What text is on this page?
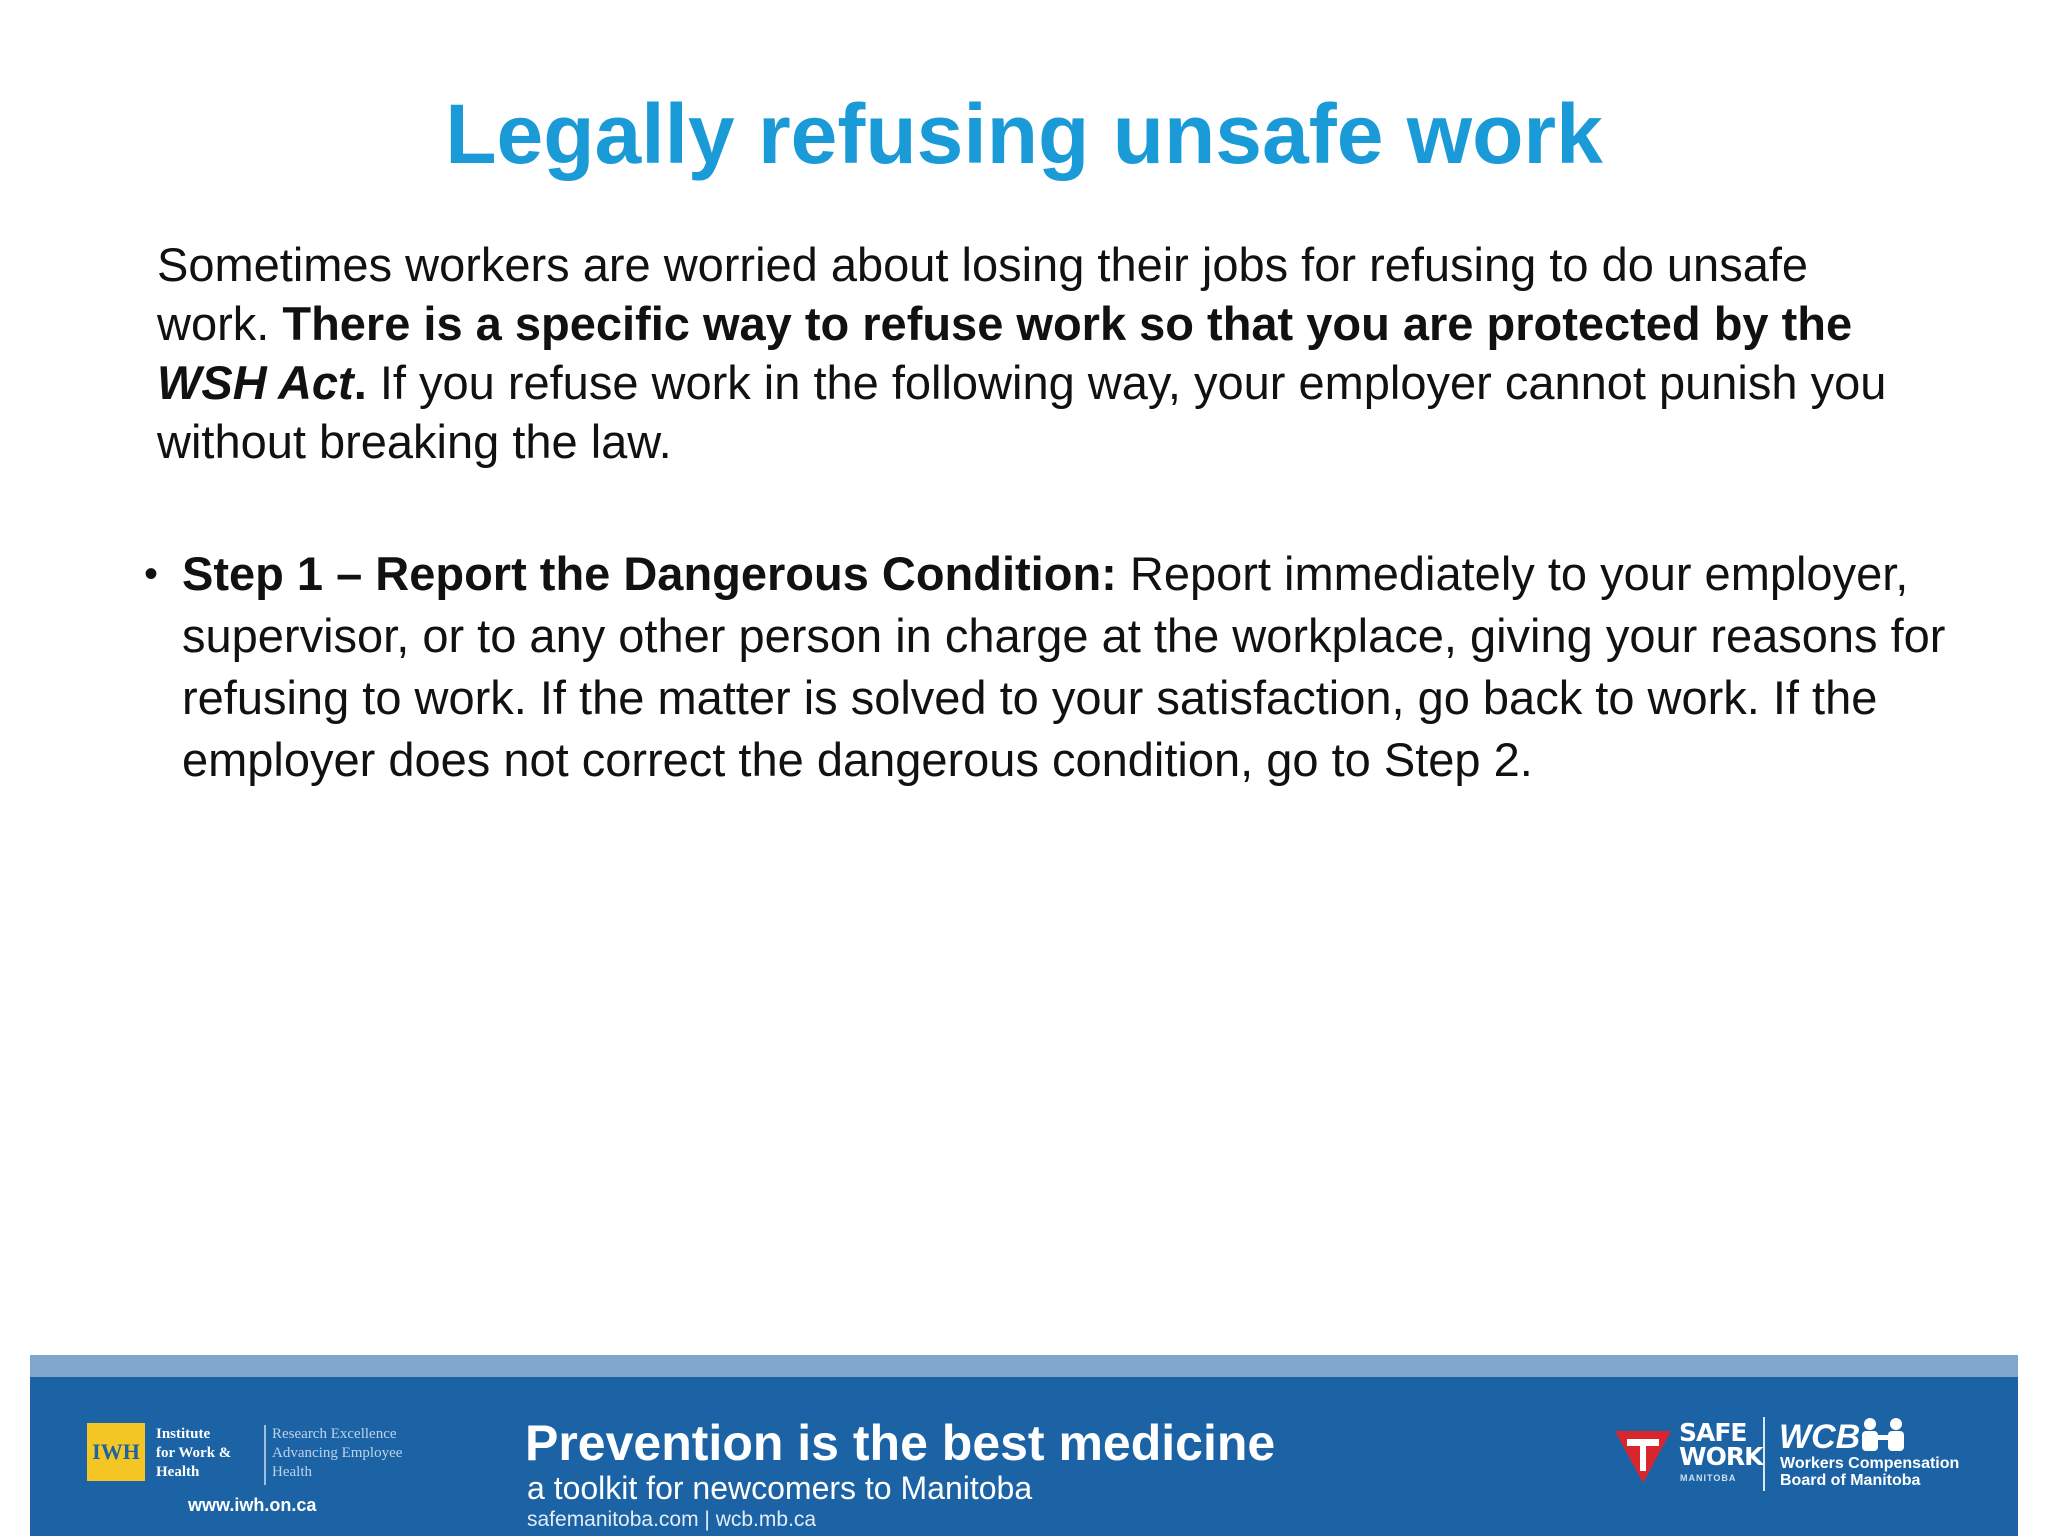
Legally refusing unsafe work

Sometimes workers are worried about losing their jobs for refusing to do unsafe work. There is a specific way to refuse work so that you are protected by the WSH Act. If you refuse work in the following way, your employer cannot punish you without breaking the law.

• Step 1 – Report the Dangerous Condition: Report immediately to your employer, supervisor, or to any other person in charge at the workplace, giving your reasons for refusing to work. If the matter is solved to your satisfaction, go back to work. If the employer does not correct the dangerous condition, go to Step 2.
IWH
Institute
for Work &
Health
Research Excellence
Advancing Employee
Health
www.iwh.on.ca
Prevention is the best medicine
a toolkit for newcomers to Manitoba
safemanitoba.com | wcb.mb.ca
SAFE
WORK
MANITOBA
WCB
Workers Compensation
Board of Manitoba
